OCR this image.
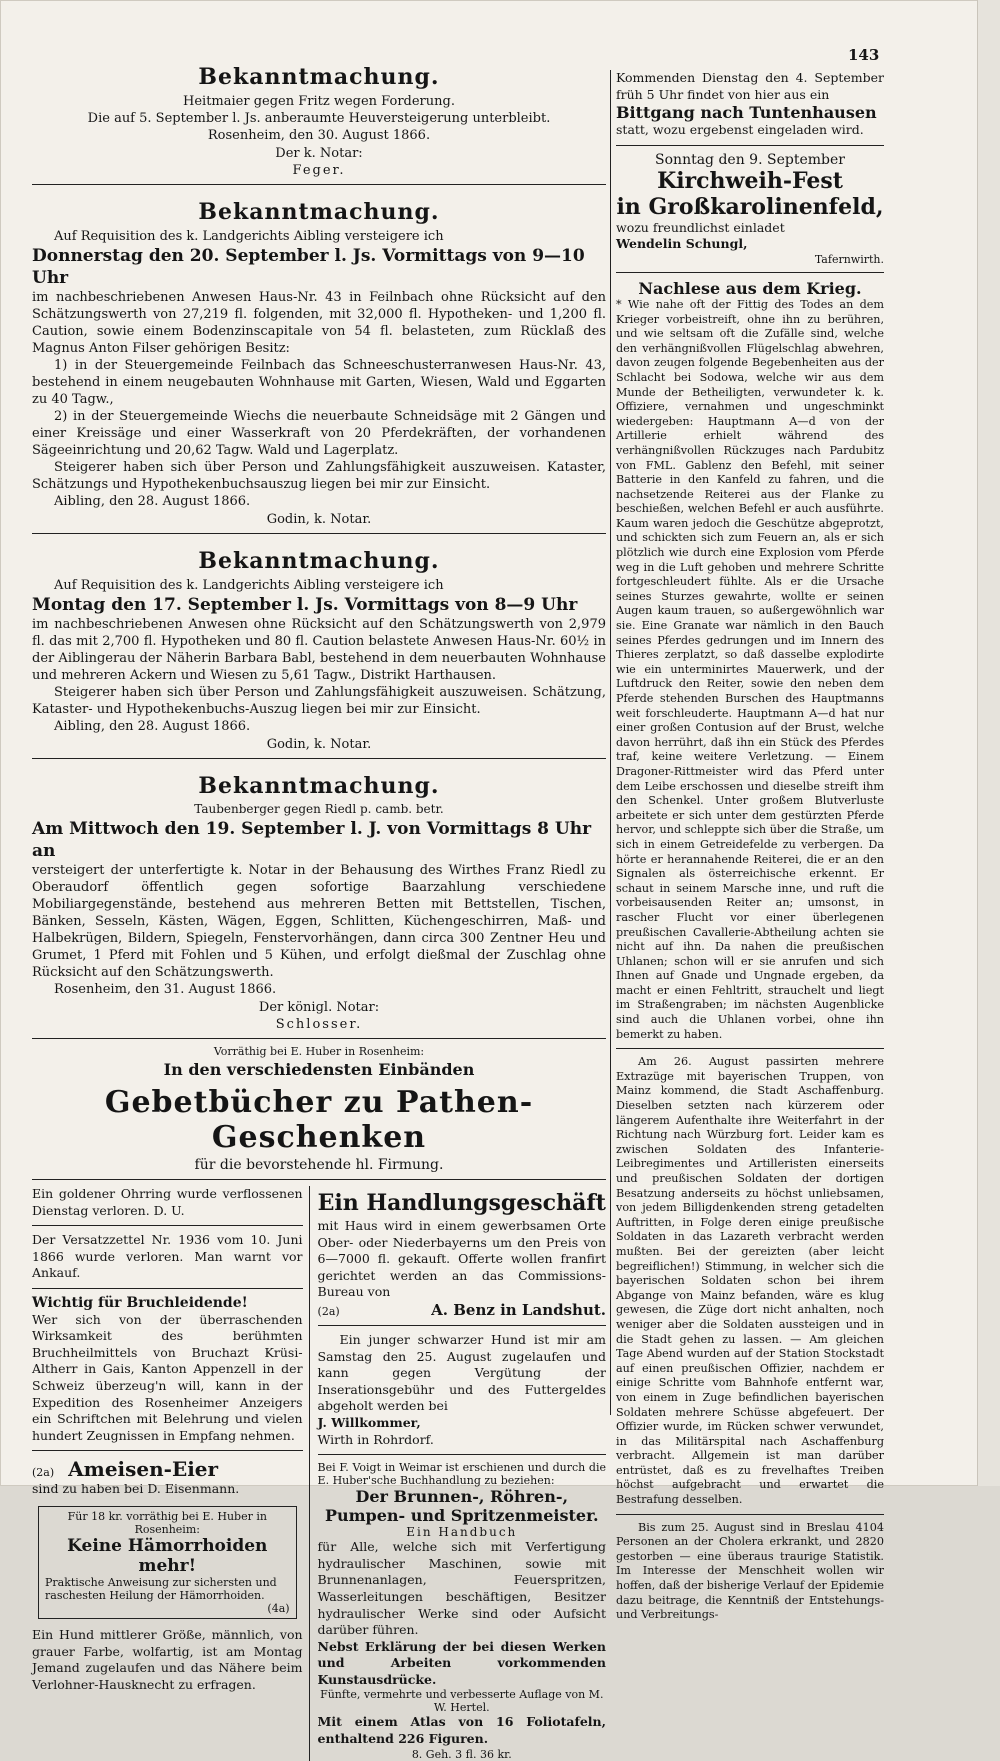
143
Bekanntmachung.

Heitmaier gegen Fritz wegen Forderung.

Die auf 5. September l. Js. anberaumte Heuversteigerung unterbleibt.

Rosenheim, den 30. August 1866.

Der k. Notar:

Feger.

Bekanntmachung.

Auf Requisition des k. Landgerichts Aibling versteigere ich

Donnerstag den 20. September l. Js. Vormittags von 9—10 Uhr

im nachbeschriebenen Anwesen Haus-Nr. 43 in Feilnbach ohne Rücksicht auf den Schätzungswerth von 27,219 fl. folgenden, mit 32,000 fl. Hypotheken- und 1,200 fl. Caution, sowie einem Bodenzinscapitale von 54 fl. belasteten, zum Rücklaß des Magnus Anton Filser gehörigen Besitz:

1) in der Steuergemeinde Feilnbach das Schneeschusterranwesen Haus-Nr. 43, bestehend in einem neugebauten Wohnhause mit Garten, Wiesen, Wald und Eggarten zu 40 Tagw.,

2) in der Steuergemeinde Wiechs die neuerbaute Schneidsäge mit 2 Gängen und einer Kreissäge und einer Wasserkraft von 20 Pferdekräften, der vorhandenen Sägeeinrichtung und 20,62 Tagw. Wald und Lagerplatz.

Steigerer haben sich über Person und Zahlungsfähigkeit auszuweisen. Kataster, Schätzungs und Hypothekenbuchsauszug liegen bei mir zur Einsicht.

Aibling, den 28. August 1866.

Godin, k. Notar.

Bekanntmachung.

Auf Requisition des k. Landgerichts Aibling versteigere ich

Montag den 17. September l. Js. Vormittags von 8—9 Uhr

im nachbeschriebenen Anwesen ohne Rücksicht auf den Schätzungswerth von 2,979 fl. das mit 2,700 fl. Hypotheken und 80 fl. Caution belastete Anwesen Haus-Nr. 60½ in der Aiblingerau der Näherin Barbara Babl, bestehend in dem neuerbauten Wohnhause und mehreren Ackern und Wiesen zu 5,61 Tagw., Distrikt Harthausen.

Steigerer haben sich über Person und Zahlungsfähigkeit auszuweisen. Schätzung, Kataster- und Hypothekenbuchs-Auszug liegen bei mir zur Einsicht.

Aibling, den 28. August 1866.

Godin, k. Notar.

Bekanntmachung.

Taubenberger gegen Riedl p. camb. betr.

Am Mittwoch den 19. September l. J. von Vormittags 8 Uhr an

versteigert der unterfertigte k. Notar in der Behausung des Wirthes Franz Riedl zu Oberaudorf öffentlich gegen sofortige Baarzahlung verschiedene Mobiliargegenstände, bestehend aus mehreren Betten mit Bettstellen, Tischen, Bänken, Sesseln, Kästen, Wägen, Eggen, Schlitten, Küchengeschirren, Maß- und Halbekrügen, Bildern, Spiegeln, Fenstervorhängen, dann circa 300 Zentner Heu und Grumet, 1 Pferd mit Fohlen und 5 Kühen, und erfolgt dießmal der Zuschlag ohne Rücksicht auf den Schätzungswerth.

Rosenheim, den 31. August 1866.

Der königl. Notar:

Schlosser.

Vorräthig bei E. Huber in Rosenheim:

In den verschiedensten Einbänden

Gebetbücher zu Pathen-Geschenken

für die bevorstehende hl. Firmung.

Ein goldener Ohrring wurde verflossenen Dienstag verloren. D. U.

Der Versatzzettel Nr. 1936 vom 10. Juni 1866 wurde verloren. Man warnt vor Ankauf.

Wichtig für Bruchleidende!

Wer sich von der überraschenden Wirksamkeit des berühmten Bruchheilmittels von Bruchazt Krüsi-Altherr in Gais, Kanton Appenzell in der Schweiz überzeug'n will, kann in der Expedition des Rosenheimer Anzeigers ein Schriftchen mit Belehrung und vielen hundert Zeugnissen in Empfang nehmen.

(2a) Ameisen-Eier

sind zu haben bei D. Eisenmann.

Für 18 kr. vorräthig bei E. Huber in Rosenheim:

Keine Hämorrhoiden mehr!

Praktische Anweisung zur sichersten und raschesten Heilung der Hämorrhoiden.

(4a)

Ein Hund mittlerer Größe, männlich, von grauer Farbe, wolfartig, ist am Montag Jemand zugelaufen und das Nähere beim Verlohner-Hausknecht zu erfragen.

Ein Handlungsgeschäft

mit Haus wird in einem gewerbsamen Orte Ober- oder Niederbayerns um den Preis von 6—7000 fl. gekauft. Offerte wollen franfirt gerichtet werden an das Commissions-Bureau von

(2a)	A. Benz in Landshut.

Ein junger schwarzer Hund ist mir am Samstag den 25. August zugelaufen und kann gegen Vergütung der Inserationsgebühr und des Futtergeldes abgeholt werden bei

J. Willkommer,

Wirth in Rohrdorf.

Bei F. Voigt in Weimar ist erschienen und durch die E. Huber'sche Buchhandlung zu beziehen:

Der Brunnen-, Röhren-,

Pumpen- und Spritzenmeister.

Ein Handbuch

für Alle, welche sich mit Verfertigung hydraulischer Maschinen, sowie mit Brunnenanlagen, Feuerspritzen, Wasserleitungen beschäftigen, Besitzer hydraulischer Werke sind oder Aufsicht darüber führen.

Nebst Erklärung der bei diesen Werken und Arbeiten vorkommenden Kunstausdrücke.

Fünfte, vermehrte und verbesserte Auflage von M. W. Hertel.

Mit einem Atlas von 16 Foliotafeln, enthaltend 226 Figuren.

8. Geh. 3 fl. 36 kr.

Kommenden Dienstag den 4. September früh 5 Uhr findet von hier aus ein

Bittgang nach Tuntenhausen

statt, wozu ergebenst eingeladen wird.

Sonntag den 9. September

Kirchweih-Fest

in Großkarolinenfeld,

wozu freundlichst einladet

Wendelin Schungl,

Tafernwirth.

Nachlese aus dem Krieg.

* Wie nahe oft der Fittig des Todes an dem Krieger vorbeistreift, ohne ihn zu berühren, und wie seltsam oft die Zufälle sind, welche den verhängnißvollen Flügelschlag abwehren, davon zeugen folgende Begebenheiten aus der Schlacht bei Sodowa, welche wir aus dem Munde der Betheiligten, verwundeter k. k. Offiziere, vernahmen und ungeschminkt wiedergeben: Hauptmann A—d von der Artillerie erhielt während des verhängnißvollen Rückzuges nach Pardubitz von FML. Gablenz den Befehl, mit seiner Batterie in den Kanfeld zu fahren, und die nachsetzende Reiterei aus der Flanke zu beschießen, welchen Befehl er auch ausführte. Kaum waren jedoch die Geschütze abgeprotzt, und schickten sich zum Feuern an, als er sich plötzlich wie durch eine Explosion vom Pferde weg in die Luft gehoben und mehrere Schritte fortgeschleudert fühlte. Als er die Ursache seines Sturzes gewahrte, wollte er seinen Augen kaum trauen, so außergewöhnlich war sie. Eine Granate war nämlich in den Bauch seines Pferdes gedrungen und im Innern des Thieres zerplatzt, so daß dasselbe explodirte wie ein unterminirtes Mauerwerk, und der Luftdruck den Reiter, sowie den neben dem Pferde stehenden Burschen des Hauptmanns weit forschleuderte. Hauptmann A—d hat nur einer großen Contusion auf der Brust, welche davon herrührt, daß ihn ein Stück des Pferdes traf, keine weitere Verletzung. — Einem Dragoner-Rittmeister wird das Pferd unter dem Leibe erschossen und dieselbe streift ihm den Schenkel. Unter großem Blutverluste arbeitete er sich unter dem gestürzten Pferde hervor, und schleppte sich über die Straße, um sich in einem Getreidefelde zu verbergen. Da hörte er herannahende Reiterei, die er an den Signalen als österreichische erkennt. Er schaut in seinem Marsche inne, und ruft die vorbeisausenden Reiter an; umsonst, in rascher Flucht vor einer überlegenen preußischen Cavallerie-Abtheilung achten sie nicht auf ihn. Da nahen die preußischen Uhlanen; schon will er sie anrufen und sich Ihnen auf Gnade und Ungnade ergeben, da macht er einen Fehltritt, strauchelt und liegt im Straßengraben; im nächsten Augenblicke sind auch die Uhlanen vorbei, ohne ihn bemerkt zu haben.

Am 26. August passirten mehrere Extrazüge mit bayerischen Truppen, von Mainz kommend, die Stadt Aschaffenburg. Dieselben setzten nach kürzerem oder längerem Aufenthalte ihre Weiterfahrt in der Richtung nach Würzburg fort. Leider kam es zwischen Soldaten des Infanterie-Leibregimentes und Artilleristen einerseits und preußischen Soldaten der dortigen Besatzung anderseits zu höchst unliebsamen, von jedem Billigdenkenden streng getadelten Auftritten, in Folge deren einige preußische Soldaten in das Lazareth verbracht werden mußten. Bei der gereizten (aber leicht begreiflichen!) Stimmung, in welcher sich die bayerischen Soldaten schon bei ihrem Abgange von Mainz befanden, wäre es klug gewesen, die Züge dort nicht anhalten, noch weniger aber die Soldaten aussteigen und in die Stadt gehen zu lassen. — Am gleichen Tage Abend wurden auf der Station Stockstadt auf einen preußischen Offizier, nachdem er einige Schritte vom Bahnhofe entfernt war, von einem in Zuge befindlichen bayerischen Soldaten mehrere Schüsse abgefeuert. Der Offizier wurde, im Rücken schwer verwundet, in das Militärspital nach Aschaffenburg verbracht. Allgemein ist man darüber entrüstet, daß es zu frevelhaftes Treiben höchst aufgebracht und erwartet die Bestrafung desselben.

Bis zum 25. August sind in Breslau 4104 Personen an der Cholera erkrankt, und 2820 gestorben — eine überaus traurige Statistik. Im Interesse der Menschheit wollen wir hoffen, daß der bisherige Verlauf der Epidemie dazu beitrage, die Kenntniß der Entstehungs- und Verbreitungs-
